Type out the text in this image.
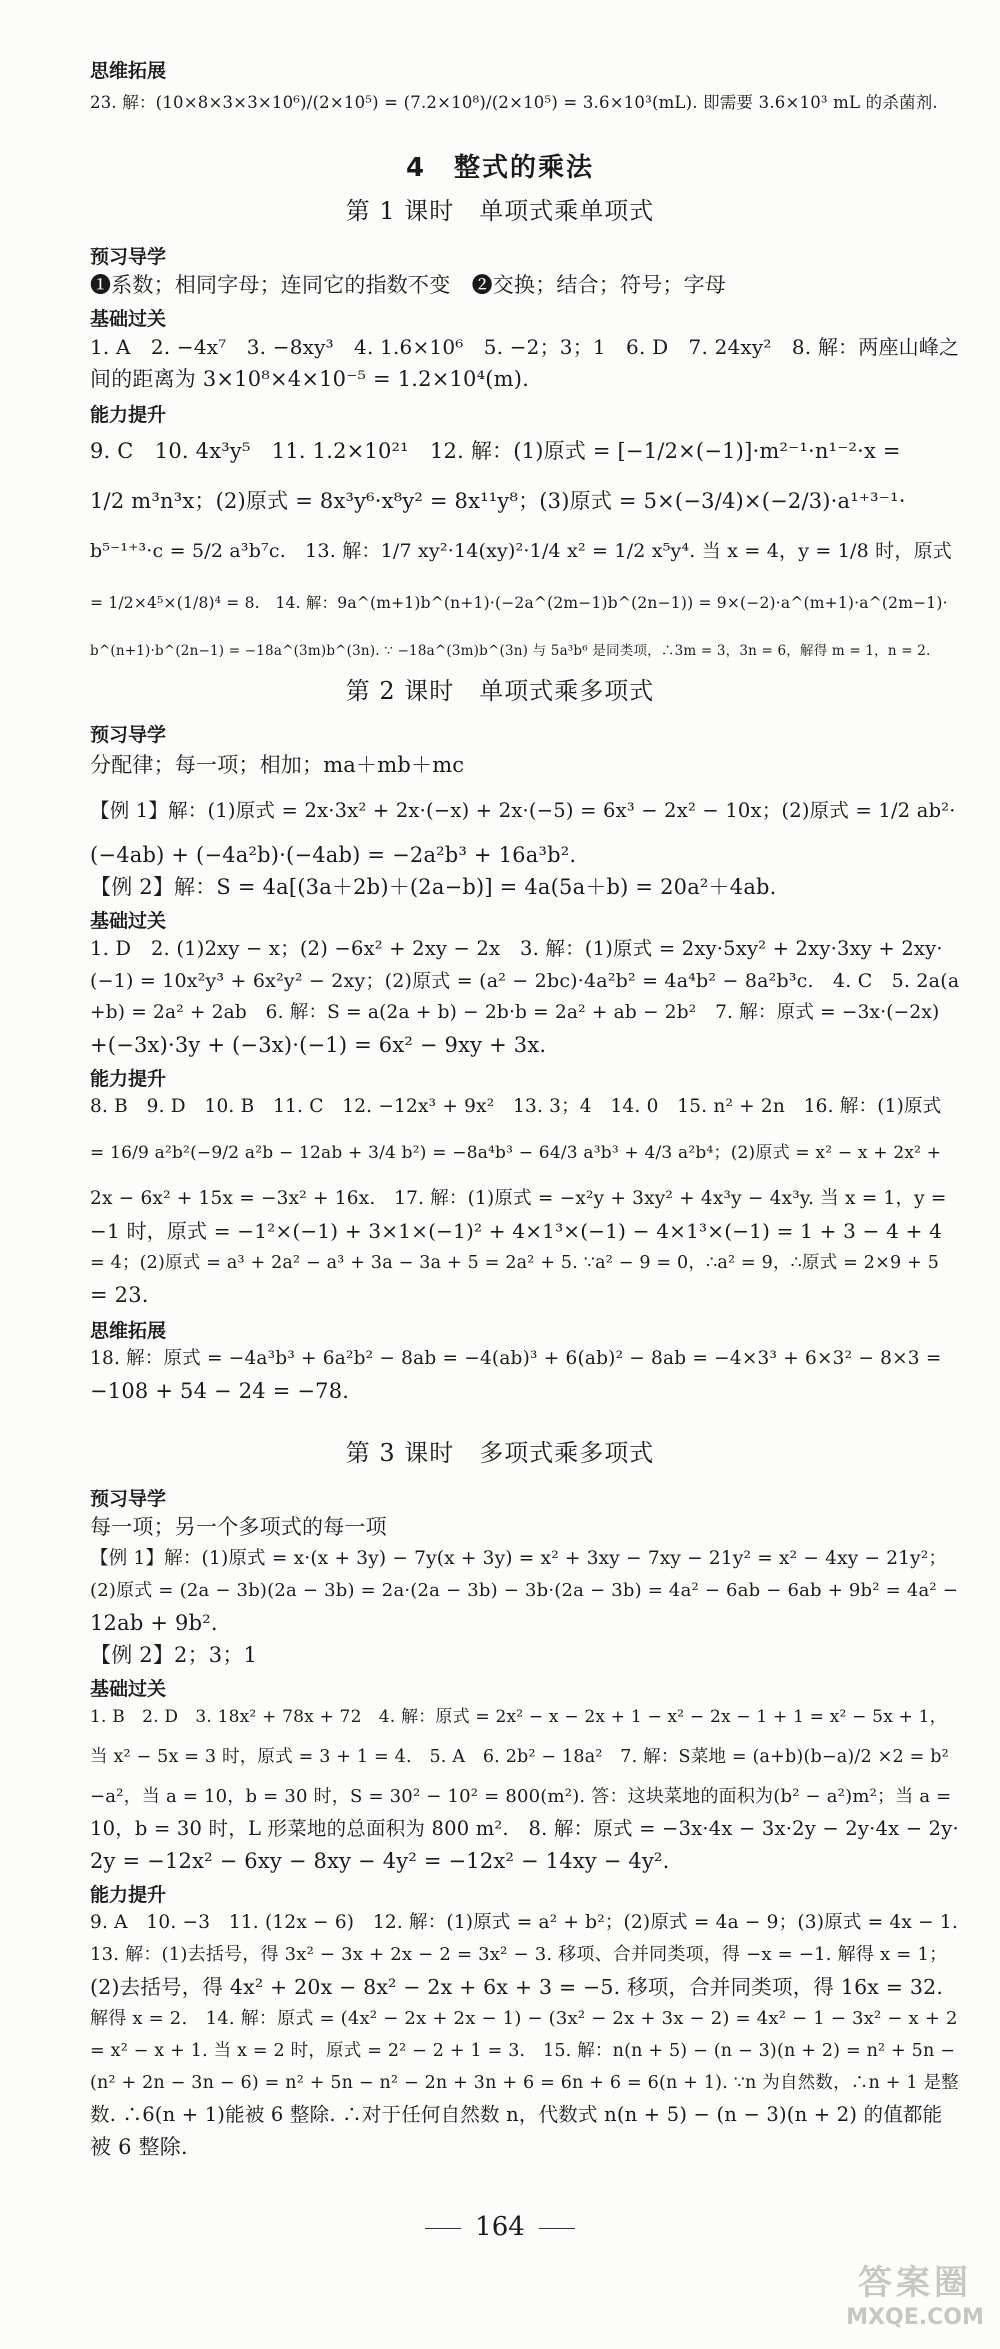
思维拓展
23. 解：(10×8×3×3×10⁶)/(2×10⁵) = (7.2×10⁸)/(2×10⁵) = 3.6×10³(mL). 即需要 3.6×10³ mL 的杀菌剂.
4　整式的乘法
第 1 课时　单项式乘单项式
预习导学
❶系数；相同字母；连同它的指数不变　❷交换；结合；符号；字母
基础过关
1. A　2. −4x⁷　3. −8xy³　4. 1.6×10⁶　5. −2；3；1　6. D　7. 24xy²　8. 解：两座山峰之
间的距离为 3×10⁸×4×10⁻⁵ = 1.2×10⁴(m).
能力提升
9. C　10. 4x³y⁵　11. 1.2×10²¹　12. 解：(1)原式 = [−1/2×(−1)]·m²⁻¹·n¹⁻²·x =
1/2 m³n³x；(2)原式 = 8x³y⁶·x⁸y² = 8x¹¹y⁸；(3)原式 = 5×(−3/4)×(−2/3)·a¹⁺³⁻¹·
b⁵⁻¹⁺³·c = 5/2 a³b⁷c.　13. 解：1/7 xy²·14(xy)²·1/4 x² = 1/2 x⁵y⁴. 当 x = 4，y = 1/8 时，原式
= 1/2×4⁵×(1/8)⁴ = 8.　14. 解：9a^(m+1)b^(n+1)·(−2a^(2m−1)b^(2n−1)) = 9×(−2)·a^(m+1)·a^(2m−1)·
b^(n+1)·b^(2n−1) = −18a^(3m)b^(3n). ∵ −18a^(3m)b^(3n) 与 5a³b⁶ 是同类项，∴3m = 3，3n = 6，解得 m = 1，n = 2.
第 2 课时　单项式乘多项式
预习导学
分配律；每一项；相加；ma＋mb＋mc
【例 1】解：(1)原式 = 2x·3x² + 2x·(−x) + 2x·(−5) = 6x³ − 2x² − 10x；(2)原式 = 1/2 ab²·
(−4ab) + (−4a²b)·(−4ab) = −2a²b³ + 16a³b².
【例 2】解：S = 4a[(3a＋2b)＋(2a−b)] = 4a(5a＋b) = 20a²＋4ab.
基础过关
1. D　2. (1)2xy − x；(2) −6x² + 2xy − 2x　3. 解：(1)原式 = 2xy·5xy² + 2xy·3xy + 2xy·
(−1) = 10x²y³ + 6x²y² − 2xy；(2)原式 = (a² − 2bc)·4a²b² = 4a⁴b² − 8a²b³c.　4. C　5. 2a(a
+b) = 2a² + 2ab　6. 解：S = a(2a + b) − 2b·b = 2a² + ab − 2b²　7. 解：原式 = −3x·(−2x)
+(−3x)·3y + (−3x)·(−1) = 6x² − 9xy + 3x.
能力提升
8. B　9. D　10. B　11. C　12. −12x³ + 9x²　13. 3；4　14. 0　15. n² + 2n　16. 解：(1)原式
= 16/9 a²b²(−9/2 a²b − 12ab + 3/4 b²) = −8a⁴b³ − 64/3 a³b³ + 4/3 a²b⁴；(2)原式 = x² − x + 2x² +
2x − 6x² + 15x = −3x² + 16x.　17. 解：(1)原式 = −x²y + 3xy² + 4x³y − 4x³y. 当 x = 1，y =
−1 时，原式 = −1²×(−1) + 3×1×(−1)² + 4×1³×(−1) − 4×1³×(−1) = 1 + 3 − 4 + 4
= 4；(2)原式 = a³ + 2a² − a³ + 3a − 3a + 5 = 2a² + 5. ∵a² − 9 = 0，∴a² = 9，∴原式 = 2×9 + 5
= 23.
思维拓展
18. 解：原式 = −4a³b³ + 6a²b² − 8ab = −4(ab)³ + 6(ab)² − 8ab = −4×3³ + 6×3² − 8×3 =
−108 + 54 − 24 = −78.
第 3 课时　多项式乘多项式
预习导学
每一项；另一个多项式的每一项
【例 1】解：(1)原式 = x·(x + 3y) − 7y(x + 3y) = x² + 3xy − 7xy − 21y² = x² − 4xy − 21y²；
(2)原式 = (2a − 3b)(2a − 3b) = 2a·(2a − 3b) − 3b·(2a − 3b) = 4a² − 6ab − 6ab + 9b² = 4a² −
12ab + 9b².
【例 2】2；3；1
基础过关
1. B　2. D　3. 18x² + 78x + 72　4. 解：原式 = 2x² − x − 2x + 1 − x² − 2x − 1 + 1 = x² − 5x + 1，
当 x² − 5x = 3 时，原式 = 3 + 1 = 4.　5. A　6. 2b² − 18a²　7. 解：S菜地 = (a+b)(b−a)/2 ×2 = b²
−a²，当 a = 10，b = 30 时，S = 30² − 10² = 800(m²). 答：这块菜地的面积为(b² − a²)m²；当 a =
10，b = 30 时，L 形菜地的总面积为 800 m².　8. 解：原式 = −3x·4x − 3x·2y − 2y·4x − 2y·
2y = −12x² − 6xy − 8xy − 4y² = −12x² − 14xy − 4y².
能力提升
9. A　10. −3　11. (12x − 6)　12. 解：(1)原式 = a² + b²；(2)原式 = 4a − 9；(3)原式 = 4x − 1.
13. 解：(1)去括号，得 3x² − 3x + 2x − 2 = 3x² − 3. 移项、合并同类项，得 −x = −1. 解得 x = 1；
(2)去括号，得 4x² + 20x − 8x² − 2x + 6x + 3 = −5. 移项，合并同类项，得 16x = 32.
解得 x = 2.　14. 解：原式 = (4x² − 2x + 2x − 1) − (3x² − 2x + 3x − 2) = 4x² − 1 − 3x² − x + 2
= x² − x + 1. 当 x = 2 时，原式 = 2² − 2 + 1 = 3.　15. 解：n(n + 5) − (n − 3)(n + 2) = n² + 5n −
(n² + 2n − 3n − 6) = n² + 5n − n² − 2n + 3n + 6 = 6n + 6 = 6(n + 1). ∵n 为自然数，∴n + 1 是整
数. ∴6(n + 1)能被 6 整除. ∴对于任何自然数 n，代数式 n(n + 5) − (n − 3)(n + 2) 的值都能
被 6 整除.
164
答案圈
MXQE.COM
